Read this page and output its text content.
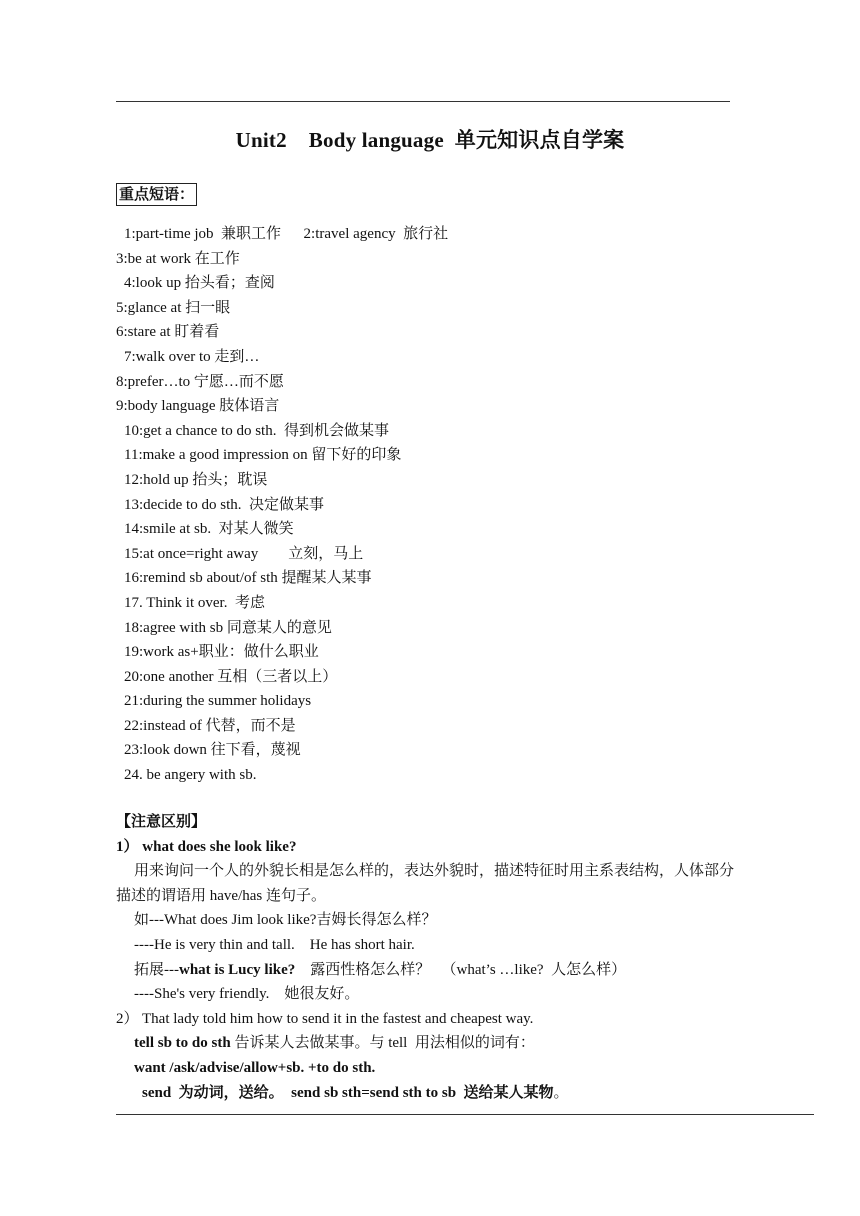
Unit2 Body language 单元知识点自学案
重点短语：
1:part-time job  兼职工作      2:travel agency  旅行社
3:be at work 在工作
4:look up 抬头看；查阅
5:glance at 扫一眼
6:stare at 盯着看
7:walk over to 走到…
8:prefer…to 宁愿…而不愿
9:body language 肢体语言
10:get a chance to do sth.  得到机会做某事
11:make a good impression on 留下好的印象
12:hold up 抬头；耽误
13:decide to do sth.  决定做某事
14:smile at sb.  对某人微笑
15:at once=right away        立刻，马上
16:remind sb about/of sth 提醒某人某事
17. Think it over.  考虑
18:agree with sb 同意某人的意见
19:work as+职业：做什么职业
20:one another 互相（三者以上）
21:during the summer holidays
22:instead of 代替，而不是
23:look down 往下看，蔑视
24. be angery with sb.
【注意区别】
1） what does she look like?
用来询问一个人的外貌长相是怎么样的，表达外貌时，描述特征时用主系表结构，人体部分描述的谓语用 have/has 连句子。
如---What does Jim look like?吉姆长得怎么样？
----He is very thin and tall.    He has short hair.
拓展---what is Lucy like?    露西性格怎么样？   （what’s …like?  人怎么样）
----She's very friendly.    她很友好。
2） That lady told him how to send it in the fastest and cheapest way.
tell sb to do sth 告诉某人去做某事。与 tell  用法相似的词有：
want /ask/advise/allow+sb. +to do sth.
send  为动词，送给。  send sb sth=send sth to sb  送给某人某物。
